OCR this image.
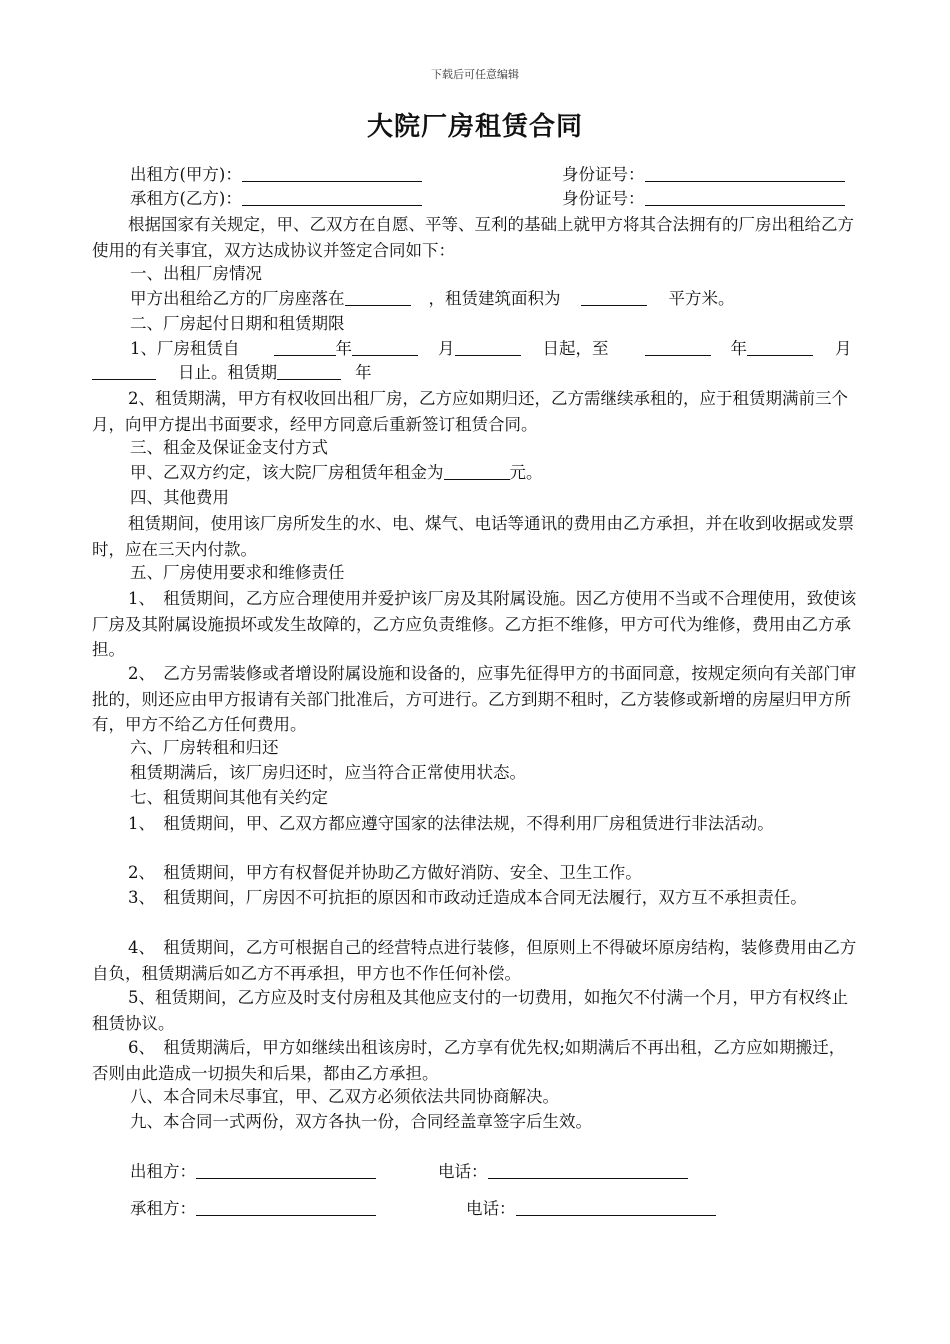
下载后可任意编辑
大院厂房租赁合同
出租方(甲方)：	身份证号：
承租方(乙方)：	身份证号：
根据国家有关规定，甲、乙双方在自愿、平等、互利的基础上就甲方将其合法拥有的厂房出租给乙方使用的有关事宜，双方达成协议并签定合同如下：
一、出租厂房情况
甲方出租给乙方的厂房座落在	，租赁建筑面积为	平方米。
二、厂房起付日期和租赁期限
1、厂房租赁自	年	月	日起，至	年	月
日止。租赁期	年
2、租赁期满，甲方有权收回出租厂房，乙方应如期归还，乙方需继续承租的，应于租赁期满前三个月，向甲方提出书面要求，经甲方同意后重新签订租赁合同。
三、租金及保证金支付方式
甲、乙双方约定，该大院厂房租赁年租金为	元。
四、其他费用
租赁期间，使用该厂房所发生的水、电、煤气、电话等通讯的费用由乙方承担，并在收到收据或发票时，应在三天内付款。
五、厂房使用要求和维修责任
1、　租赁期间，乙方应合理使用并爱护该厂房及其附属设施。因乙方使用不当或不合理使用，致使该厂房及其附属设施损坏或发生故障的，乙方应负责维修。乙方拒不维修，甲方可代为维修，费用由乙方承担。
2、　乙方另需装修或者增设附属设施和设备的，应事先征得甲方的书面同意，按规定须向有关部门审批的，则还应由甲方报请有关部门批准后，方可进行。乙方到期不租时，乙方装修或新增的房屋归甲方所有，甲方不给乙方任何费用。
六、厂房转租和归还
租赁期满后，该厂房归还时，应当符合正常使用状态。
七、租赁期间其他有关约定
1、　租赁期间，甲、乙双方都应遵守国家的法律法规，不得利用厂房租赁进行非法活动。
2、　租赁期间，甲方有权督促并协助乙方做好消防、安全、卫生工作。
3、　租赁期间，厂房因不可抗拒的原因和市政动迁造成本合同无法履行，双方互不承担责任。
4、　租赁期间，乙方可根据自己的经营特点进行装修，但原则上不得破坏原房结构，装修费用由乙方自负，租赁期满后如乙方不再承担，甲方也不作任何补偿。
5、租赁期间，乙方应及时支付房租及其他应支付的一切费用，如拖欠不付满一个月，甲方有权终止租赁协议。
6、　租赁期满后，甲方如继续出租该房时，乙方享有优先权;如期满后不再出租，乙方应如期搬迁，否则由此造成一切损失和后果，都由乙方承担。
八、本合同未尽事宜，甲、乙双方必须依法共同协商解决。
九、本合同一式两份，双方各执一份，合同经盖章签字后生效。
出租方：	电话：
承租方：	电话：
